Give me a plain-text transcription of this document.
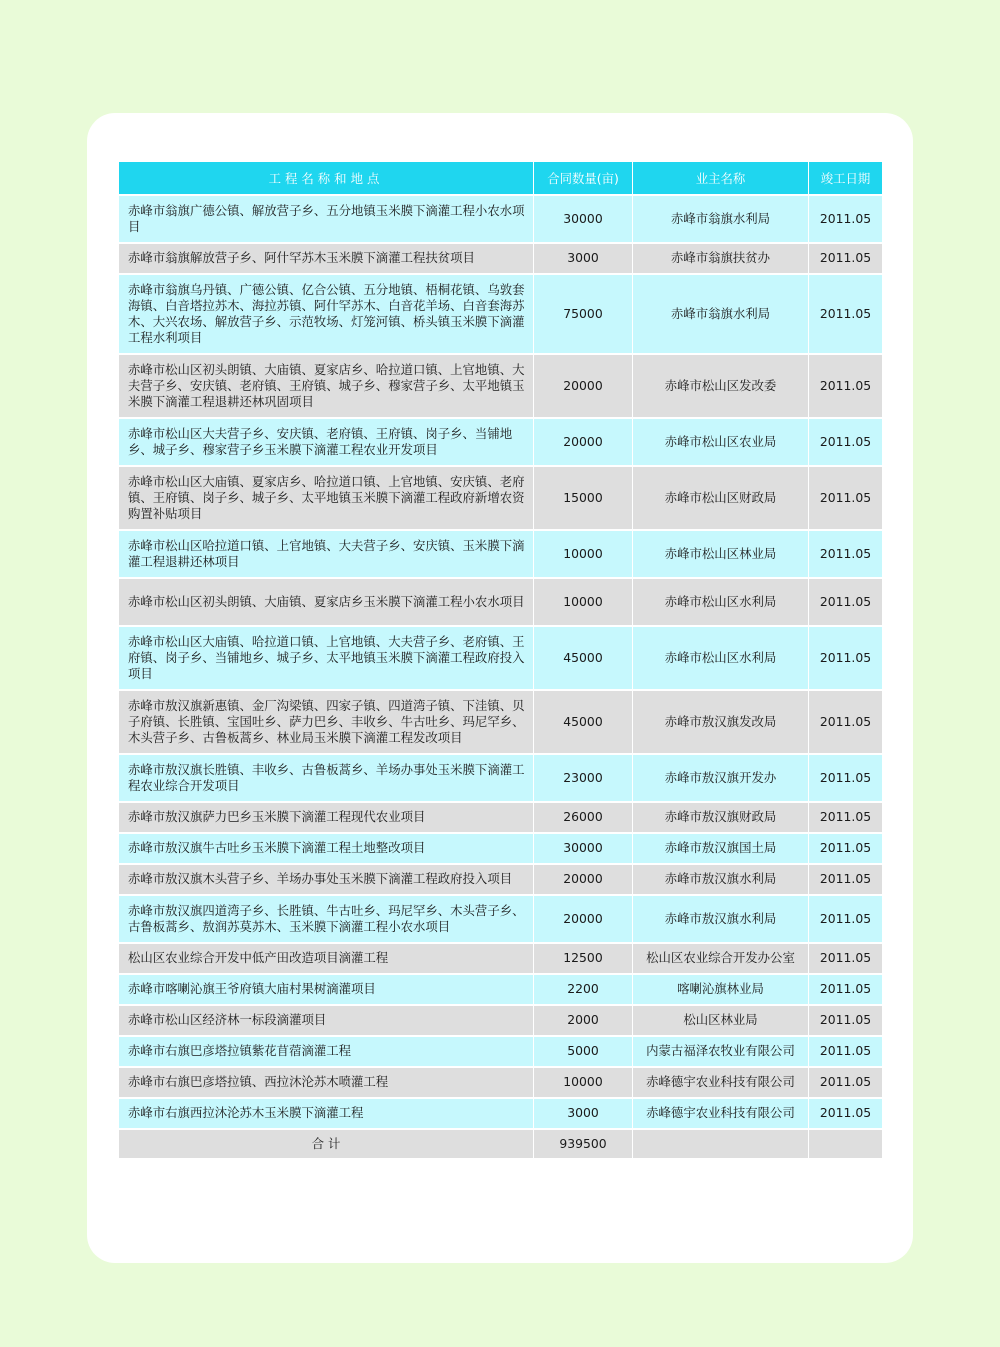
工程名称和地点	合同数量(亩)	业主名称	竣工日期
赤峰市翁旗广德公镇、解放营子乡、五分地镇玉米膜下滴灌工程小农水项目	30000	赤峰市翁旗水利局	2011.05
赤峰市翁旗解放营子乡、阿什罕苏木玉米膜下滴灌工程扶贫项目	3000	赤峰市翁旗扶贫办	2011.05
赤峰市翁旗乌丹镇、广德公镇、亿合公镇、五分地镇、梧桐花镇、乌敦套海镇、白音塔拉苏木、海拉苏镇、阿什罕苏木、白音花羊场、白音套海苏木、大兴农场、解放营子乡、示范牧场、灯笼河镇、桥头镇玉米膜下滴灌工程水利项目	75000	赤峰市翁旗水利局	2011.05
赤峰市松山区初头朗镇、大庙镇、夏家店乡、哈拉道口镇、上官地镇、大夫营子乡、安庆镇、老府镇、王府镇、城子乡、穆家营子乡、太平地镇玉米膜下滴灌工程退耕还林巩固项目	20000	赤峰市松山区发改委	2011.05
赤峰市松山区大夫营子乡、安庆镇、老府镇、王府镇、岗子乡、当铺地乡、城子乡、穆家营子乡玉米膜下滴灌工程农业开发项目	20000	赤峰市松山区农业局	2011.05
赤峰市松山区大庙镇、夏家店乡、哈拉道口镇、上官地镇、安庆镇、老府镇、王府镇、岗子乡、城子乡、太平地镇玉米膜下滴灌工程政府新增农资购置补贴项目	15000	赤峰市松山区财政局	2011.05
赤峰市松山区哈拉道口镇、上官地镇、大夫营子乡、安庆镇、玉米膜下滴灌工程退耕还林项目	10000	赤峰市松山区林业局	2011.05
赤峰市松山区初头朗镇、大庙镇、夏家店乡玉米膜下滴灌工程小农水项目	10000	赤峰市松山区水利局	2011.05
赤峰市松山区大庙镇、哈拉道口镇、上官地镇、大夫营子乡、老府镇、王府镇、岗子乡、当铺地乡、城子乡、太平地镇玉米膜下滴灌工程政府投入项目	45000	赤峰市松山区水利局	2011.05
赤峰市敖汉旗新惠镇、金厂沟梁镇、四家子镇、四道湾子镇、下洼镇、贝子府镇、长胜镇、宝国吐乡、萨力巴乡、丰收乡、牛古吐乡、玛尼罕乡、木头营子乡、古鲁板蒿乡、林业局玉米膜下滴灌工程发改项目	45000	赤峰市敖汉旗发改局	2011.05
赤峰市敖汉旗长胜镇、丰收乡、古鲁板蒿乡、羊场办事处玉米膜下滴灌工程农业综合开发项目	23000	赤峰市敖汉旗开发办	2011.05
赤峰市敖汉旗萨力巴乡玉米膜下滴灌工程现代农业项目	26000	赤峰市敖汉旗财政局	2011.05
赤峰市敖汉旗牛古吐乡玉米膜下滴灌工程土地整改项目	30000	赤峰市敖汉旗国土局	2011.05
赤峰市敖汉旗木头营子乡、羊场办事处玉米膜下滴灌工程政府投入项目	20000	赤峰市敖汉旗水利局	2011.05
赤峰市敖汉旗四道湾子乡、长胜镇、牛古吐乡、玛尼罕乡、木头营子乡、古鲁板蒿乡、敖润苏莫苏木、玉米膜下滴灌工程小农水项目	20000	赤峰市敖汉旗水利局	2011.05
松山区农业综合开发中低产田改造项目滴灌工程	12500	松山区农业综合开发办公室	2011.05
赤峰市喀喇沁旗王爷府镇大庙村果树滴灌项目	2200	喀喇沁旗林业局	2011.05
赤峰市松山区经济林一标段滴灌项目	2000	松山区林业局	2011.05
赤峰市右旗巴彦塔拉镇紫花苜蓿滴灌工程	5000	内蒙古福泽农牧业有限公司	2011.05
赤峰市右旗巴彦塔拉镇、西拉沐沦苏木喷灌工程	10000	赤峰德宇农业科技有限公司	2011.05
赤峰市右旗西拉沐沦苏木玉米膜下滴灌工程	3000	赤峰德宇农业科技有限公司	2011.05
合 计	939500		
